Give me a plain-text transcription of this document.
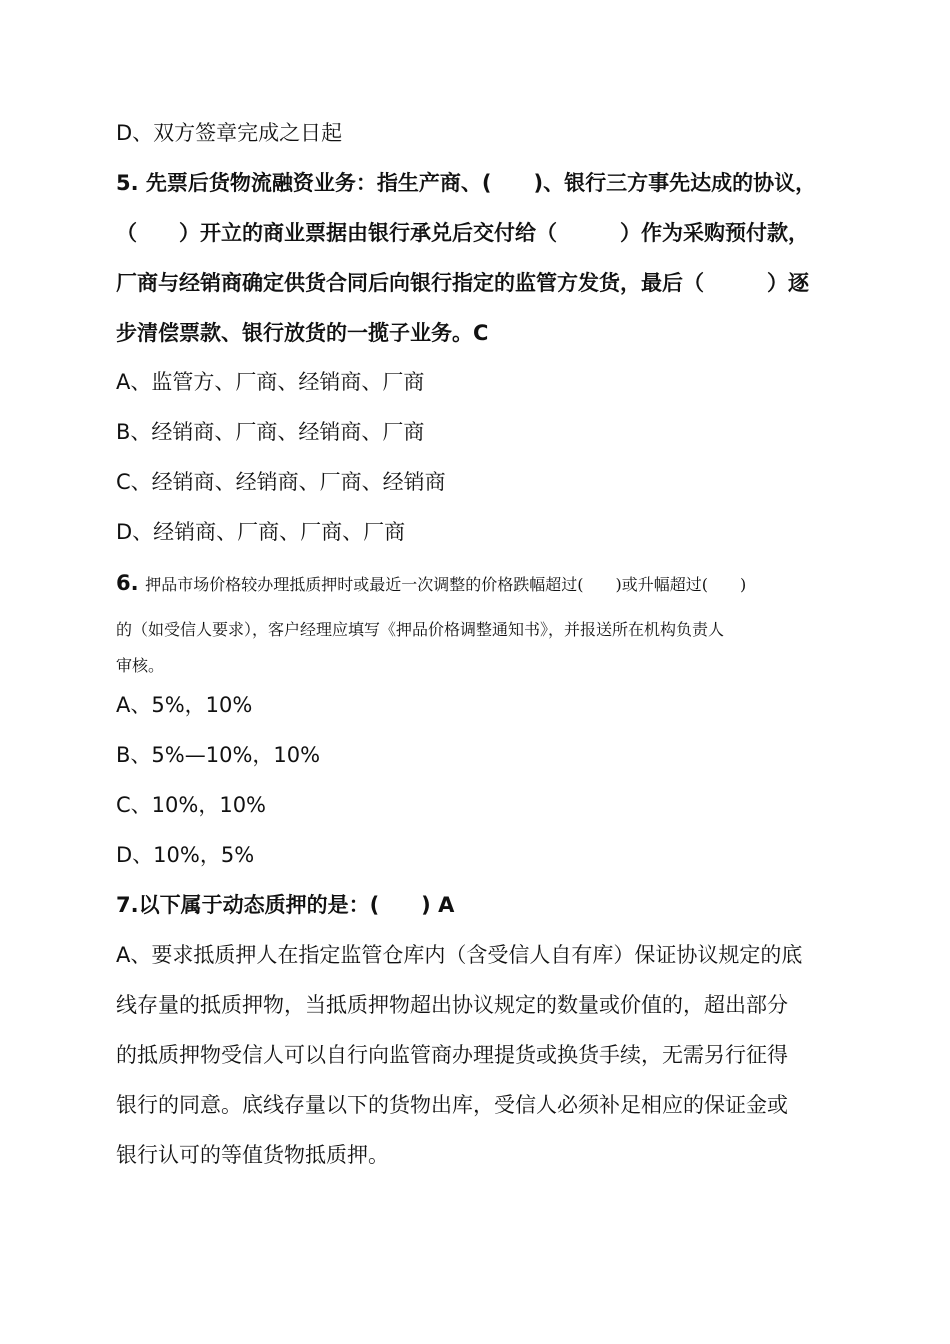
D、双方签章完成之日起
5. 先票后货物流融资业务：指生产商、(　　)、银行三方事先达成的协议，
（　　）开立的商业票据由银行承兑后交付给（　　　）作为采购预付款，
厂商与经销商确定供货合同后向银行指定的监管方发货，最后（　　　）逐
步清偿票款、银行放货的一揽子业务。C
A、监管方、厂商、经销商、厂商
B、经销商、厂商、经销商、厂商
C、经销商、经销商、厂商、经销商
D、经销商、厂商、厂商、厂商
6. 押品市场价格较办理抵质押时或最近一次调整的价格跌幅超过(　　)或升幅超过(　　)
的（如受信人要求），客户经理应填写《押品价格调整通知书》，并报送所在机构负责人
审核。
A、5%，10%
B、5%—10%，10%
C、10%，10%
D、10%，5%
7.以下属于动态质押的是：(　　) A
A、要求抵质押人在指定监管仓库内（含受信人自有库）保证协议规定的底
线存量的抵质押物，当抵质押物超出协议规定的数量或价值的，超出部分
的抵质押物受信人可以自行向监管商办理提货或换货手续，无需另行征得
银行的同意。底线存量以下的货物出库，受信人必须补足相应的保证金或
银行认可的等值货物抵质押。
